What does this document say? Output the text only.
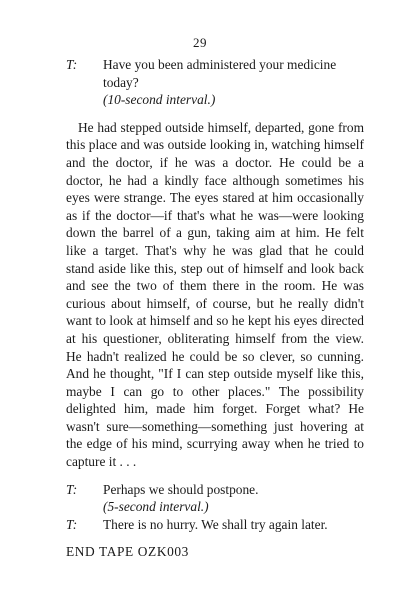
29
T:	Have you been administered your medicine today?
(10-second interval.)

He had stepped outside himself, departed, gone from this place and was outside looking in, watching himself and the doctor, if he was a doctor. He could be a doctor, he had a kindly face although sometimes his eyes were strange. The eyes stared at him occasionally as if the doctor—if that's what he was—were looking down the barrel of a gun, taking aim at him. He felt like a target. That's why he was glad that he could stand aside like this, step out of himself and look back and see the two of them there in the room. He was curious about himself, of course, but he really didn't want to look at himself and so he kept his eyes directed at his questioner, obliterating himself from the view. He hadn't realized he could be so clever, so cunning. And he thought, "If I can step outside myself like this, maybe I can go to other places." The possibility delighted him, made him forget. Forget what? He wasn't sure—something—something just hovering at the edge of his mind, scurrying away when he tried to capture it . . .

T:	Perhaps we should postpone.
(5-second interval.)
T:	There is no hurry. We shall try again later.
END TAPE OZK003
